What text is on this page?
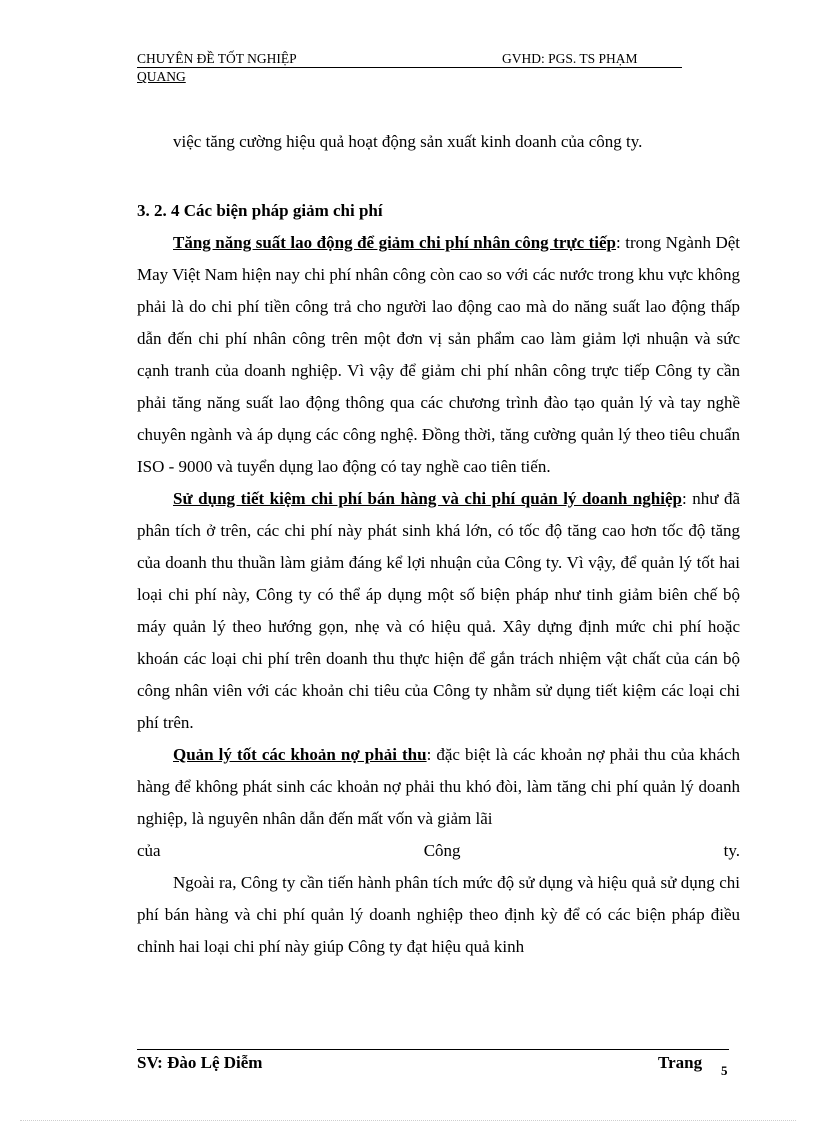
CHUYÊN ĐỀ TỐT NGHIỆP	GVHD: PGS. TS PHẠM
QUANG

việc tăng cường hiệu quả hoạt động sản xuất kinh doanh của công ty.

3. 2. 4 Các biện pháp giảm chi phí

Tăng năng suất lao động để giảm chi phí nhân công trực tiếp: trong Ngành Dệt May Việt Nam hiện nay chi phí nhân công còn cao so với các nước trong khu vực không phải là do chi phí tiền công trả cho người lao động cao mà do năng suất lao động thấp dẫn đến chi phí nhân công trên một đơn vị sản phẩm cao làm giảm lợi nhuận và sức cạnh tranh của doanh nghiệp. Vì vậy để giảm chi phí nhân công trực tiếp Công ty cần phải tăng năng suất lao động thông qua các chương trình đào tạo quản lý và tay nghề chuyên ngành và áp dụng các công nghệ. Đồng thời, tăng cường quản lý theo tiêu chuẩn ISO - 9000 và tuyển dụng lao động có tay nghề cao tiên tiến.

Sử dụng tiết kiệm chi phí bán hàng và chi phí quản lý doanh nghiệp: như đã phân tích ở trên, các chi phí này phát sinh khá lớn, có tốc độ tăng cao hơn tốc độ tăng của doanh thu thuần làm giảm đáng kể lợi nhuận của Công ty. Vì vậy, để quản lý tốt hai loại chi phí này, Công ty có thể áp dụng một số biện pháp như tinh giảm biên chế bộ máy quản lý theo hướng gọn, nhẹ và có hiệu quả. Xây dựng định mức chi phí hoặc khoán các loại chi phí trên doanh thu thực hiện để gắn trách nhiệm vật chất của cán bộ công nhân viên với các khoản chi tiêu của Công ty nhằm sử dụng tiết kiệm các loại chi phí trên.

Quản lý tốt các khoản nợ phải thu: đặc biệt là các khoản nợ phải thu của khách hàng để không phát sinh các khoản nợ phải thu khó đòi, làm tăng chi phí quản lý doanh nghiệp, là nguyên nhân dẫn đến mất vốn và giảm lãi

của	Công	ty.

Ngoài ra, Công ty cần tiến hành phân tích mức độ sử dụng và hiệu quả sử dụng chi phí bán hàng và chi phí quản lý doanh nghiệp theo định kỳ để có các biện pháp điều chỉnh hai loại chi phí này giúp Công ty đạt hiệu quả kinh

SV: Đào Lệ Diễm	Trang 5
